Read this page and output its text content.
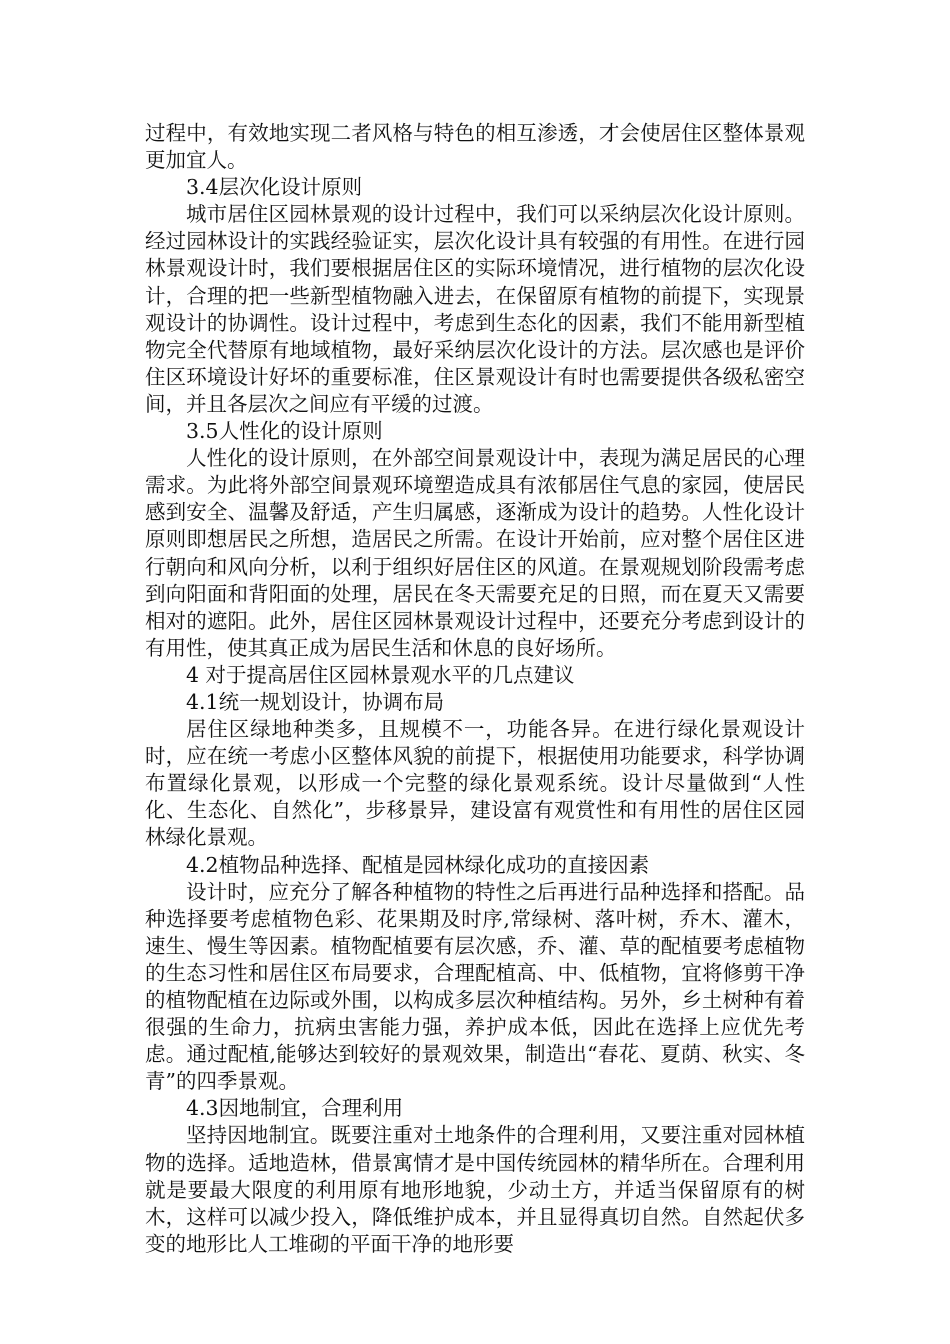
过程中，有效地实现二者风格与特色的相互渗透，才会使居住区整体景观更加宜人。

3.4层次化设计原则

城市居住区园林景观的设计过程中，我们可以采纳层次化设计原则。经过园林设计的实践经验证实，层次化设计具有较强的有用性。在进行园林景观设计时，我们要根据居住区的实际环境情况，进行植物的层次化设计，合理的把一些新型植物融入进去，在保留原有植物的前提下，实现景观设计的协调性。设计过程中，考虑到生态化的因素，我们不能用新型植物完全代替原有地域植物，最好采纳层次化设计的方法。层次感也是评价住区环境设计好坏的重要标准，住区景观设计有时也需要提供各级私密空间，并且各层次之间应有平缓的过渡。

3.5人性化的设计原则

人性化的设计原则，在外部空间景观设计中，表现为满足居民的心理需求。为此将外部空间景观环境塑造成具有浓郁居住气息的家园，使居民感到安全、温馨及舒适，产生归属感，逐渐成为设计的趋势。人性化设计原则即想居民之所想，造居民之所需。在设计开始前，应对整个居住区进行朝向和风向分析，以利于组织好居住区的风道。在景观规划阶段需考虑到向阳面和背阳面的处理，居民在冬天需要充足的日照，而在夏天又需要相对的遮阳。此外，居住区园林景观设计过程中，还要充分考虑到设计的有用性，使其真正成为居民生活和休息的良好场所。

4 对于提高居住区园林景观水平的几点建议

4.1统一规划设计，协调布局

居住区绿地种类多，且规模不一，功能各异。在进行绿化景观设计时，应在统一考虑小区整体风貌的前提下，根据使用功能要求，科学协调布置绿化景观，以形成一个完整的绿化景观系统。设计尽量做到“人性化、生态化、自然化”，步移景异，建设富有观赏性和有用性的居住区园林绿化景观。

4.2植物品种选择、配植是园林绿化成功的直接因素

设计时，应充分了解各种植物的特性之后再进行品种选择和搭配。品种选择要考虑植物色彩、花果期及时序,常绿树、落叶树，乔木、灌木，速生、慢生等因素。植物配植要有层次感，乔、灌、草的配植要考虑植物的生态习性和居住区布局要求，合理配植高、中、低植物，宜将修剪干净的植物配植在边际或外围，以构成多层次种植结构。另外，乡土树种有着很强的生命力，抗病虫害能力强，养护成本低，因此在选择上应优先考虑。通过配植,能够达到较好的景观效果，制造出“春花、夏荫、秋实、冬青”的四季景观。

4.3因地制宜，合理利用

坚持因地制宜。既要注重对土地条件的合理利用，又要注重对园林植物的选择。适地造林，借景寓情才是中国传统园林的精华所在。合理利用就是要最大限度的利用原有地形地貌，少动土方，并适当保留原有的树木，这样可以减少投入，降低维护成本，并且显得真切自然。自然起伏多变的地形比人工堆砌的平面干净的地形要
